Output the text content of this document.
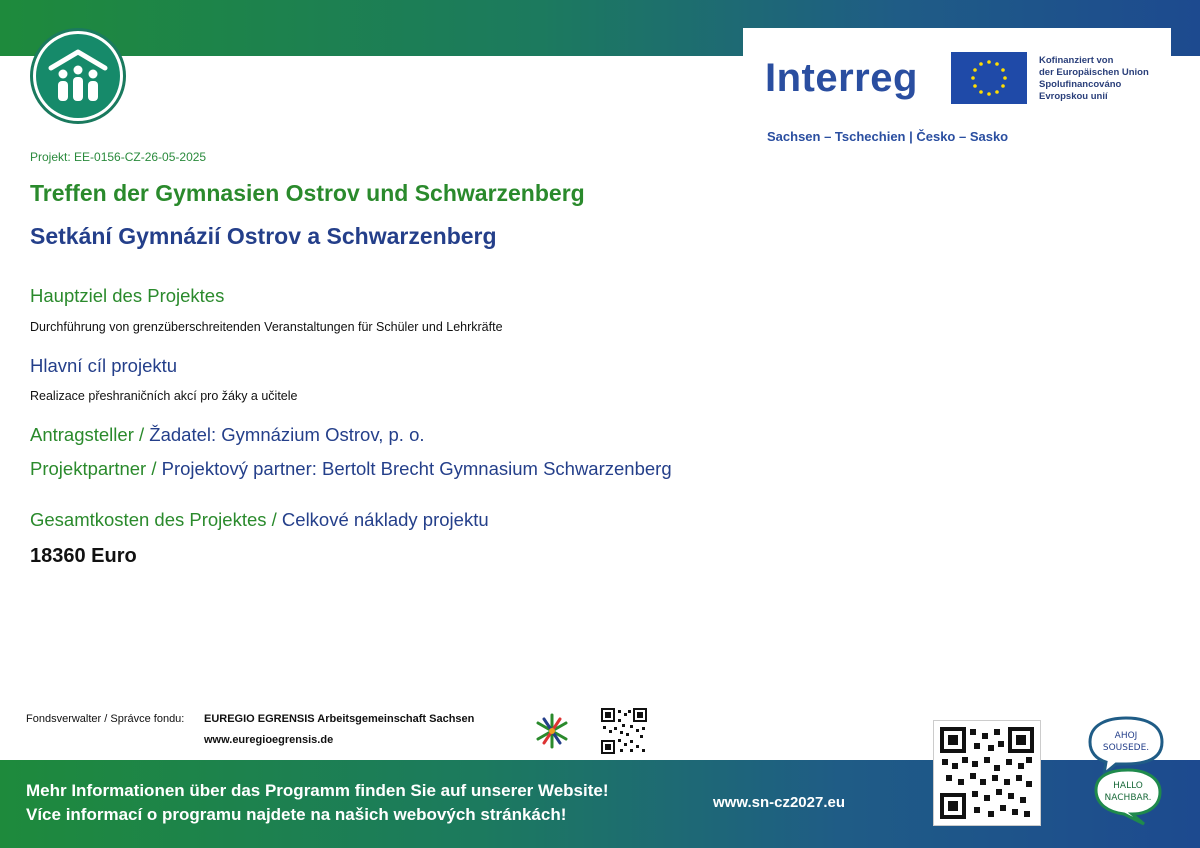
Interreg	Kofinanziert von
der Europäischen Union
Spolufinancováno
Evropskou unií
Sachsen – Tschechien | Česko – Sasko
Projekt: EE-0156-CZ-26-05-2025
Treffen der Gymnasien Ostrov und Schwarzenberg
Setkání Gymnázií Ostrov a Schwarzenberg
Hauptziel des Projektes
Durchführung von grenzüberschreitenden Veranstaltungen für Schüler und Lehrkräfte
Hlavní cíl projektu
Realizace přeshraničních akcí pro žáky a učitele
Antragsteller / Žadatel: Gymnázium Ostrov, p. o.
Projektpartner / Projektový partner: Bertolt Brecht Gymnasium Schwarzenberg
Gesamtkosten des Projektes / Celkové náklady projektu
18360 Euro
Fondsverwalter / Správce fondu: EUREGIO EGRENSIS Arbeitsgemeinschaft Sachsen
www.euregioegrensis.de
Mehr Informationen über das Programm finden Sie auf unserer Website!
Více informací o programu najdete na našich webových stránkách!
www.sn-cz2027.eu
AHOJ
SOUSEDE.
HALLO
NACHBAR.
